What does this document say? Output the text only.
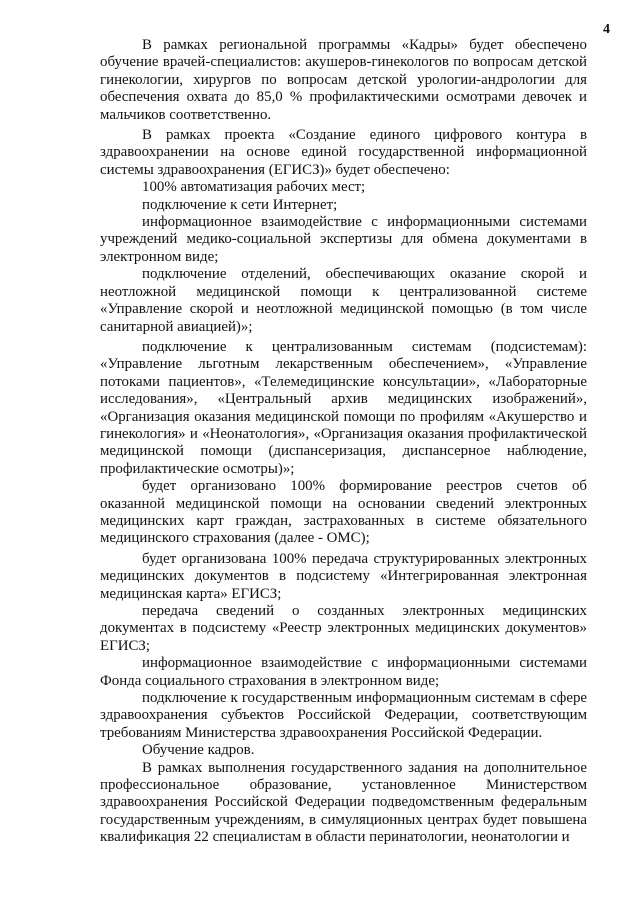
4

В рамках региональной программы «Кадры» будет обеспечено обучение врачей-специалистов: акушеров-гинекологов по вопросам детской гинекологии, хирургов по вопросам детской урологии-андрологии для обеспечения охвата до 85,0 % профилактическими осмотрами девочек и мальчиков соответственно.

В рамках проекта «Создание единого цифрового контура в здравоохранении на основе единой государственной информационной системы здравоохранения (ЕГИСЗ)» будет обеспечено:

100% автоматизация рабочих мест;

подключение к сети Интернет;

информационное взаимодействие с информационными системами учреждений медико-социальной экспертизы для обмена документами в электронном виде;

подключение отделений, обеспечивающих оказание скорой и неотложной медицинской помощи к централизованной системе «Управление скорой и неотложной медицинской помощью (в том числе санитарной авиацией)»;

подключение к централизованным системам (подсистемам): «Управление льготным лекарственным обеспечением», «Управление потоками пациентов», «Телемедицинские консультации», «Лабораторные исследования», «Центральный архив медицинских изображений», «Организация оказания медицинской помощи по профилям «Акушерство и гинекология» и «Неонатология», «Организация оказания профилактической медицинской помощи (диспансеризация, диспансерное наблюдение, профилактические осмотры)»;

будет организовано 100% формирование реестров счетов об оказанной медицинской помощи на основании сведений электронных медицинских карт граждан, застрахованных в системе обязательного медицинского страхования (далее - ОМС);

будет организована 100% передача структурированных электронных медицинских документов в подсистему «Интегрированная электронная медицинская карта» ЕГИСЗ;

передача сведений о созданных электронных медицинских документах в подсистему «Реестр электронных медицинских документов» ЕГИСЗ;

информационное взаимодействие с информационными системами Фонда социального страхования в электронном виде;

подключение к государственным информационным системам в сфере здравоохранения субъектов Российской Федерации, соответствующим требованиям Министерства здравоохранения Российской Федерации.

Обучение кадров.

В рамках выполнения государственного задания на дополнительное профессиональное образование, установленное Министерством здравоохранения Российской Федерации подведомственным федеральным государственным учреждениям, в симуляционных центрах будет повышена квалификация 22 специалистам в области перинатологии, неонатологии и
